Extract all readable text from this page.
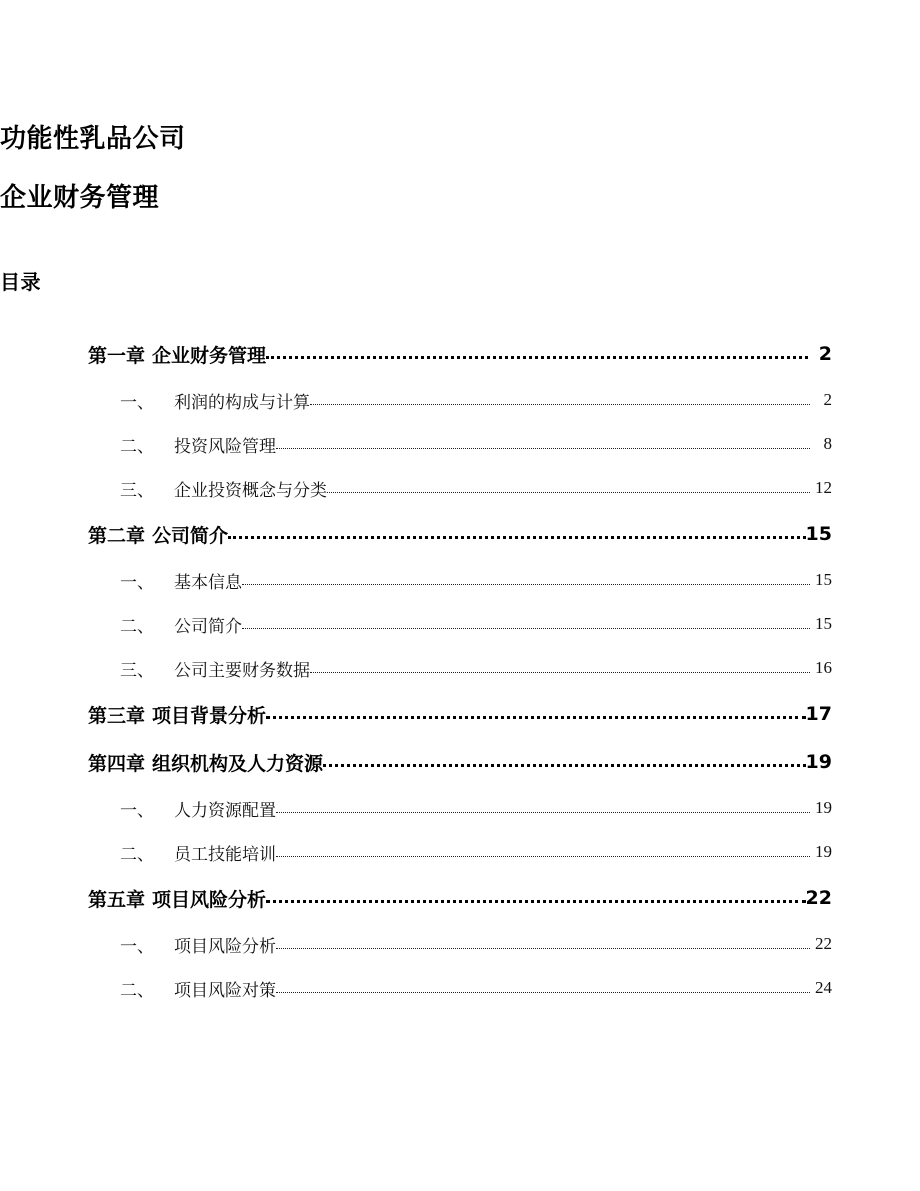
功能性乳品公司
企业财务管理
目录
第一章 企业财务管理	2
一、 利润的构成与计算	2
二、 投资风险管理	8
三、 企业投资概念与分类	12
第二章 公司简介	15
一、 基本信息	15
二、 公司简介	15
三、 公司主要财务数据	16
第三章 项目背景分析	17
第四章 组织机构及人力资源	19
一、 人力资源配置	19
二、 员工技能培训	19
第五章 项目风险分析	22
一、 项目风险分析	22
二、 项目风险对策	24
